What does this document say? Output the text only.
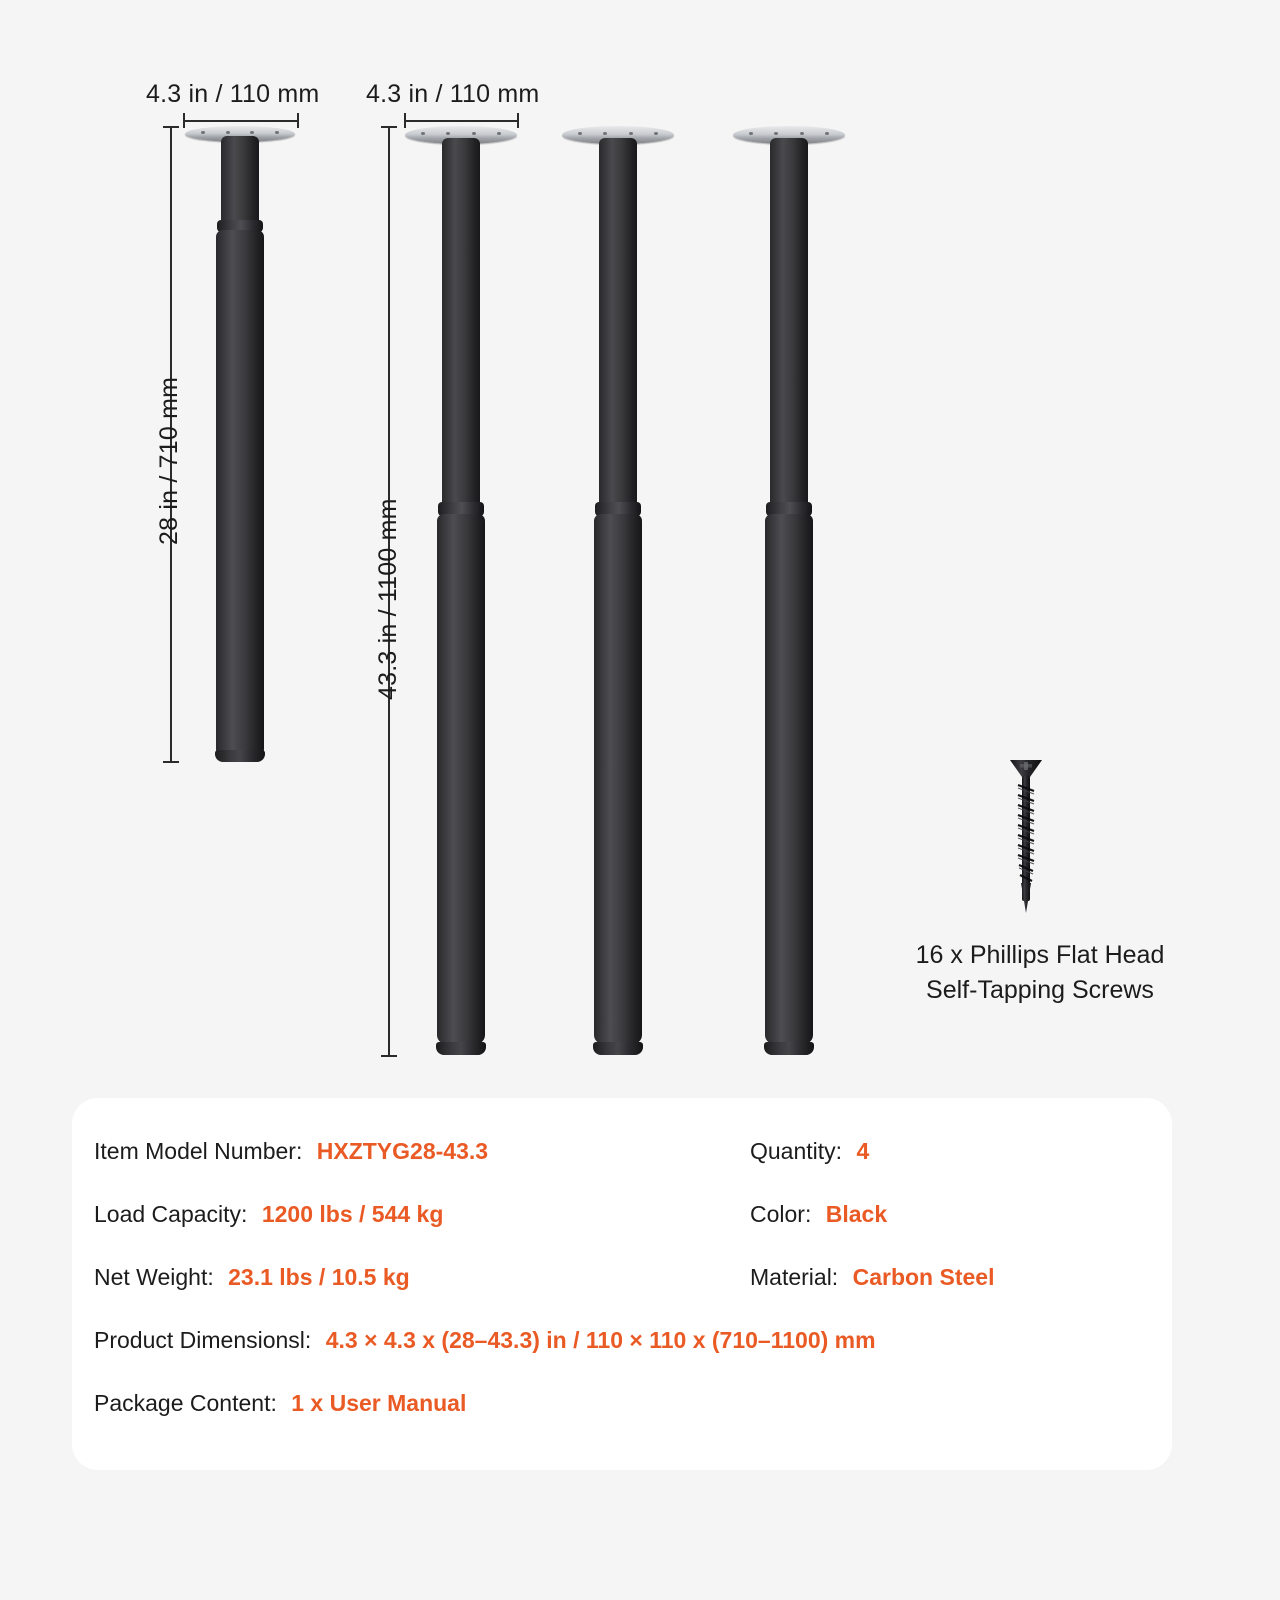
4.3 in / 110 mm
28 in / 710 mm
4.3 in / 110 mm
43.3 in / 1100 mm
16 x Phillips Flat Head
Self-Tapping Screws
Item Model Number: HXZTYG28-43.3	Quantity: 4
Load Capacity: 1200 lbs / 544 kg	Color: Black
Net Weight: 23.1 lbs / 10.5 kg	Material: Carbon Steel
Product Dimensionsl: 4.3 × 4.3 x (28–43.3) in / 110 × 110 x (710–1100) mm
Package Content: 1 x User Manual
